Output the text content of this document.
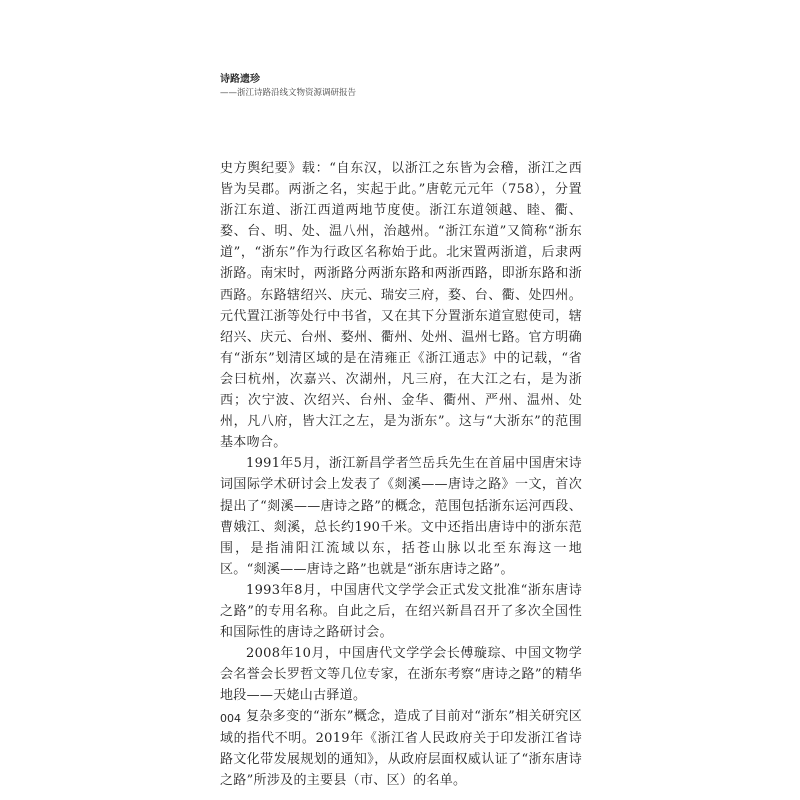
诗路遗珍
——浙江诗路沿线文物资源调研报告

史方舆纪要》载：“自东汉，以浙江之东皆为会稽，浙江之西皆为吴郡。两浙之名，实起于此。”唐乾元元年（758），分置浙江东道、浙江西道两地节度使。浙江东道领越、睦、衢、婺、台、明、处、温八州，治越州。“浙江东道”又简称“浙东道”，“浙东”作为行政区名称始于此。北宋置两浙道，后隶两浙路。南宋时，两浙路分两浙东路和两浙西路，即浙东路和浙西路。东路辖绍兴、庆元、瑞安三府，婺、台、衢、处四州。元代置江浙等处行中书省，又在其下分置浙东道宣慰使司，辖绍兴、庆元、台州、婺州、衢州、处州、温州七路。官方明确有“浙东”划清区域的是在清雍正《浙江通志》中的记载，“省会曰杭州，次嘉兴、次湖州，凡三府，在大江之右，是为浙西；次宁波、次绍兴、台州、金华、衢州、严州、温州、处州，凡八府，皆大江之左，是为浙东”。这与“大浙东”的范围基本吻合。

1991年5月，浙江新昌学者竺岳兵先生在首届中国唐宋诗词国际学术研讨会上发表了《剡溪——唐诗之路》一文，首次提出了“剡溪——唐诗之路”的概念，范围包括浙东运河西段、曹娥江、剡溪，总长约190千米。文中还指出唐诗中的浙东范围，是指浦阳江流域以东，括苍山脉以北至东海这一地区。“剡溪——唐诗之路”也就是“浙东唐诗之路”。

1993年8月，中国唐代文学学会正式发文批准“浙东唐诗之路”的专用名称。自此之后，在绍兴新昌召开了多次全国性和国际性的唐诗之路研讨会。

2008年10月，中国唐代文学学会长傅璇琮、中国文物学会名誉会长罗哲文等几位专家，在浙东考察“唐诗之路”的精华地段——天姥山古驿道。

复杂多变的“浙东”概念，造成了目前对“浙东”相关研究区域的指代不明。2019年《浙江省人民政府关于印发浙江省诗路文化带发展规划的通知》，从政府层面权威认证了“浙东唐诗之路”所涉及的主要县（市、区）的名单。

004
